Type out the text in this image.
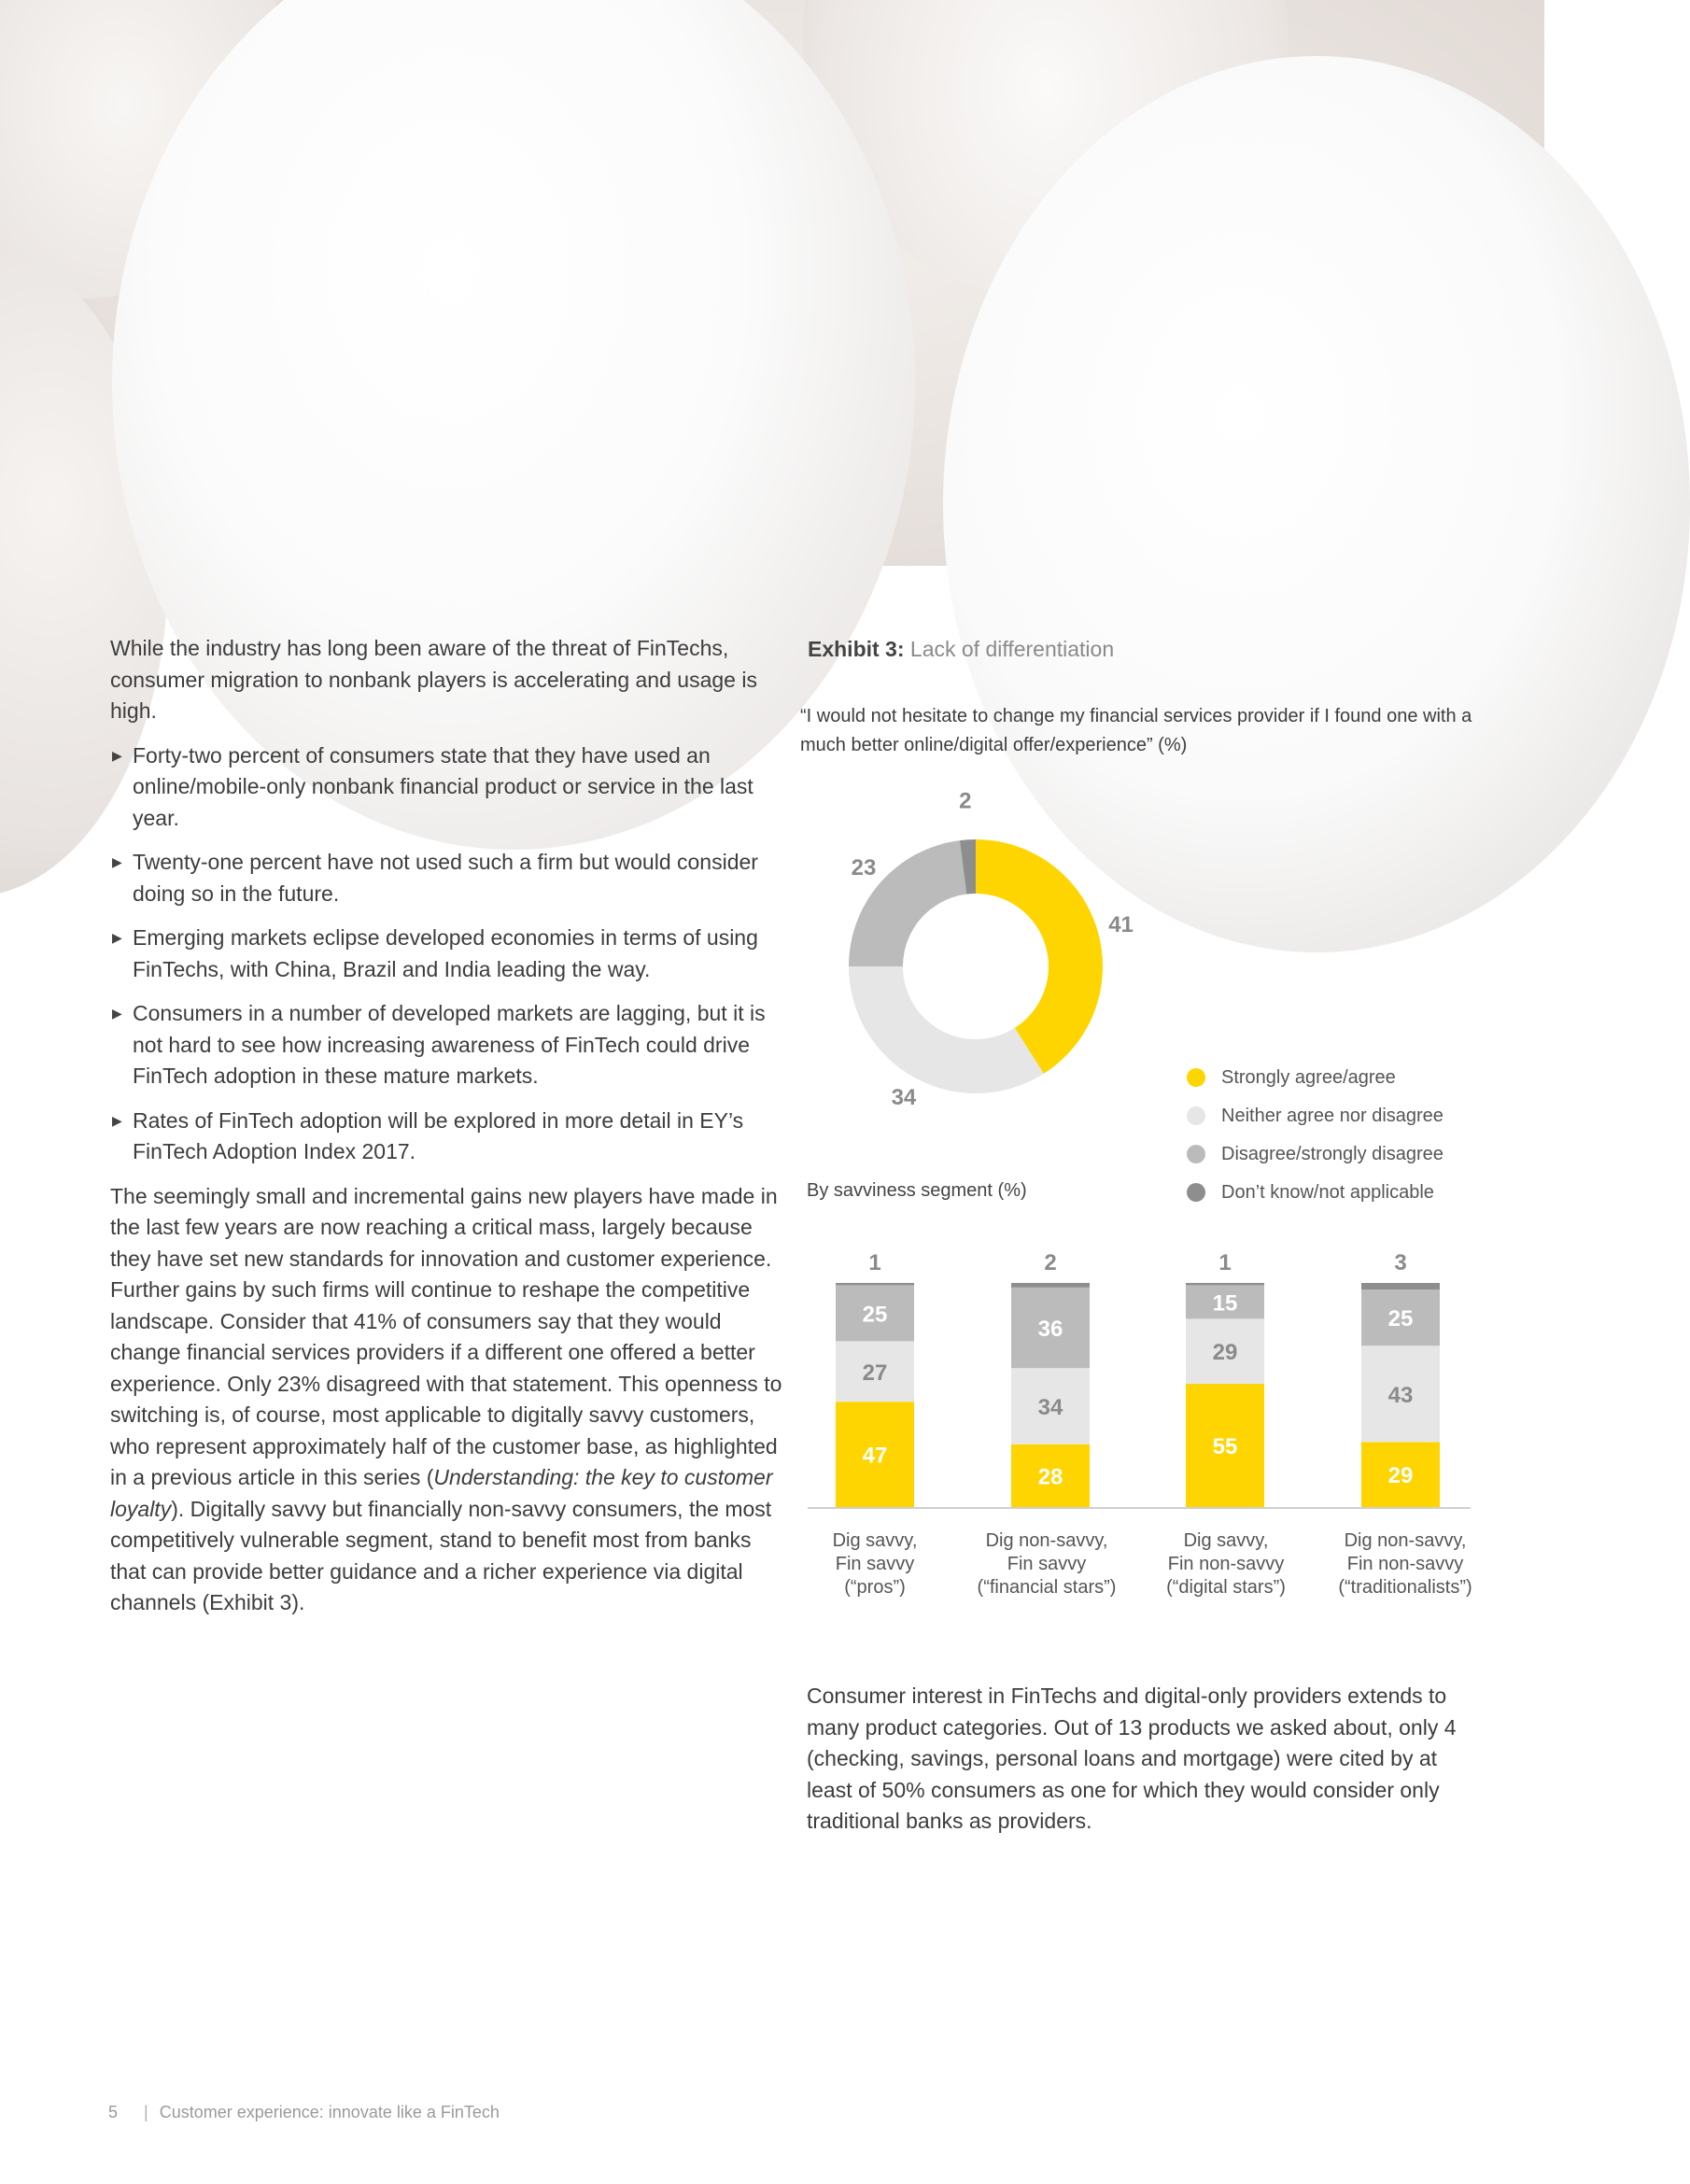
While the industry has long been aware of the threat of FinTechs, consumer migration to nonbank players is accelerating and usage is high.

▶ Forty-two percent of consumers state that they have used an online/mobile-only nonbank financial product or service in the last year.
▶ Twenty-one percent have not used such a firm but would consider doing so in the future.
▶ Emerging markets eclipse developed economies in terms of using FinTechs, with China, Brazil and India leading the way.
▶ Consumers in a number of developed markets are lagging, but it is not hard to see how increasing awareness of FinTech could drive FinTech adoption in these mature markets.
▶ Rates of FinTech adoption will be explored in more detail in EY’s FinTech Adoption Index 2017.

The seemingly small and incremental gains new players have made in the last few years are now reaching a critical mass, largely because they have set new standards for innovation and customer experience. Further gains by such firms will continue to reshape the competitive landscape. Consider that 41% of consumers say that they would change financial services providers if a different one offered a better experience. Only 23% disagreed with that statement. This openness to switching is, of course, most applicable to digitally savvy customers, who represent approximately half of the customer base, as highlighted in a previous article in this series (Understanding: the key to customer loyalty). Digitally savvy but financially non-savvy consumers, the most competitively vulnerable segment, stand to benefit most from banks that can provide better guidance and a richer experience via digital channels (Exhibit 3).

Exhibit 3: Lack of differentiation
“I would not hesitate to change my financial services provider if I found one with a much better online/digital offer/experience” (%)
41
34
23
2
Strongly agree/agree
Neither agree nor disagree
Disagree/strongly disagree
Don’t know/not applicable
By savviness segment (%)
47
27
25
1
28
34
36
2
55
29
15
1
29
43
25
3
Dig savvy,
Fin savvy
(“pros”)
Dig non-savvy,
Fin savvy
(“financial stars”)
Dig savvy,
Fin non-savvy
(“digital stars”)
Dig non-savvy,
Fin non-savvy
(“traditionalists”)

Consumer interest in FinTechs and digital-only providers extends to many product categories. Out of 13 products we asked about, only 4 (checking, savings, personal loans and mortgage) were cited by at least of 50% consumers as one for which they would consider only traditional banks as providers.

5 | Customer experience: innovate like a FinTech
